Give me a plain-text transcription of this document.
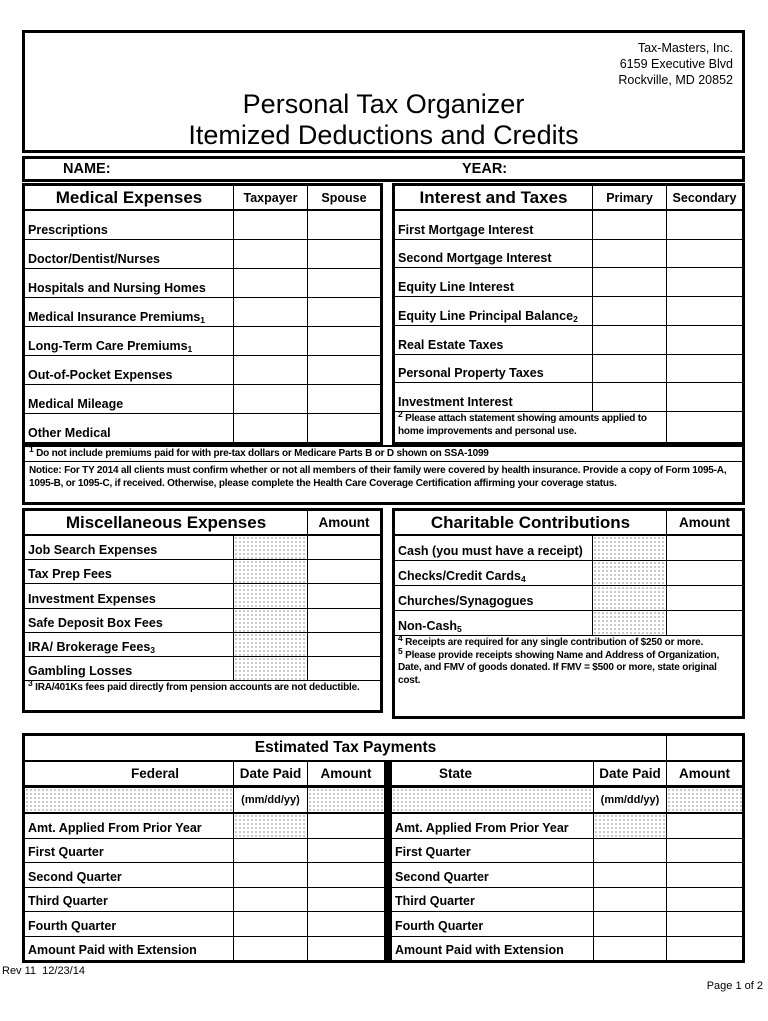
Tax-Masters, Inc.
6159 Executive Blvd
Rockville, MD 20852
Personal Tax Organizer
Itemized Deductions and Credits
NAME:	YEAR:
Medical Expenses	Taxpayer	Spouse
Prescriptions
Doctor/Dentist/Nurses
Hospitals and Nursing Homes
Medical Insurance Premiums 1
Long-Term Care Premiums 1
Out-of-Pocket Expenses
Medical Mileage
Other Medical
Interest and Taxes	Primary	Secondary
First Mortgage Interest
Second Mortgage Interest
Equity Line Interest
Equity Line Principal Balance 2
Real Estate Taxes
Personal Property Taxes
Investment Interest
$^2$ Please attach statement showing amounts applied to home improvements and personal use.
$^1$ Do not include premiums paid for with pre-tax dollars or Medicare Parts B or D shown on SSA-1099
Notice: For TY 2014 all clients must confirm whether or not all members of their family were covered by health insurance. Provide a copy of Form 1095-A, 1095-B, or 1095-C, if received. Otherwise, please complete the Health Care Coverage Certification affirming your coverage status.
Miscellaneous Expenses	Amount
Job Search Expenses
Tax Prep Fees
Investment Expenses
Safe Deposit Box Fees
IRA/ Brokerage Fees 3
Gambling Losses
$^3$ IRA/401Ks fees paid directly from pension accounts are not deductible.
Charitable Contributions	Amount
Cash (you must have a receipt)
Checks/Credit Cards 4
Churches/Synagogues
Non-Cash 5
$^4$ Receipts are required for any single contribution of $250 or more.
$^5$ Please provide receipts showing Name and Address of Organization, Date, and FMV of goods donated. If FMV = $500 or more, state original cost.
Estimated Tax Payments
Federal	Date Paid	Amount	State	Date Paid	Amount
(mm/dd/yy)	(mm/dd/yy)
Amt. Applied From Prior Year	Amt. Applied From Prior Year
First Quarter	First Quarter
Second Quarter	Second Quarter
Third Quarter	Third Quarter
Fourth Quarter	Fourth Quarter
Amount Paid with Extension	Amount Paid with Extension
Rev 11  12/23/14
Page 1 of 2
